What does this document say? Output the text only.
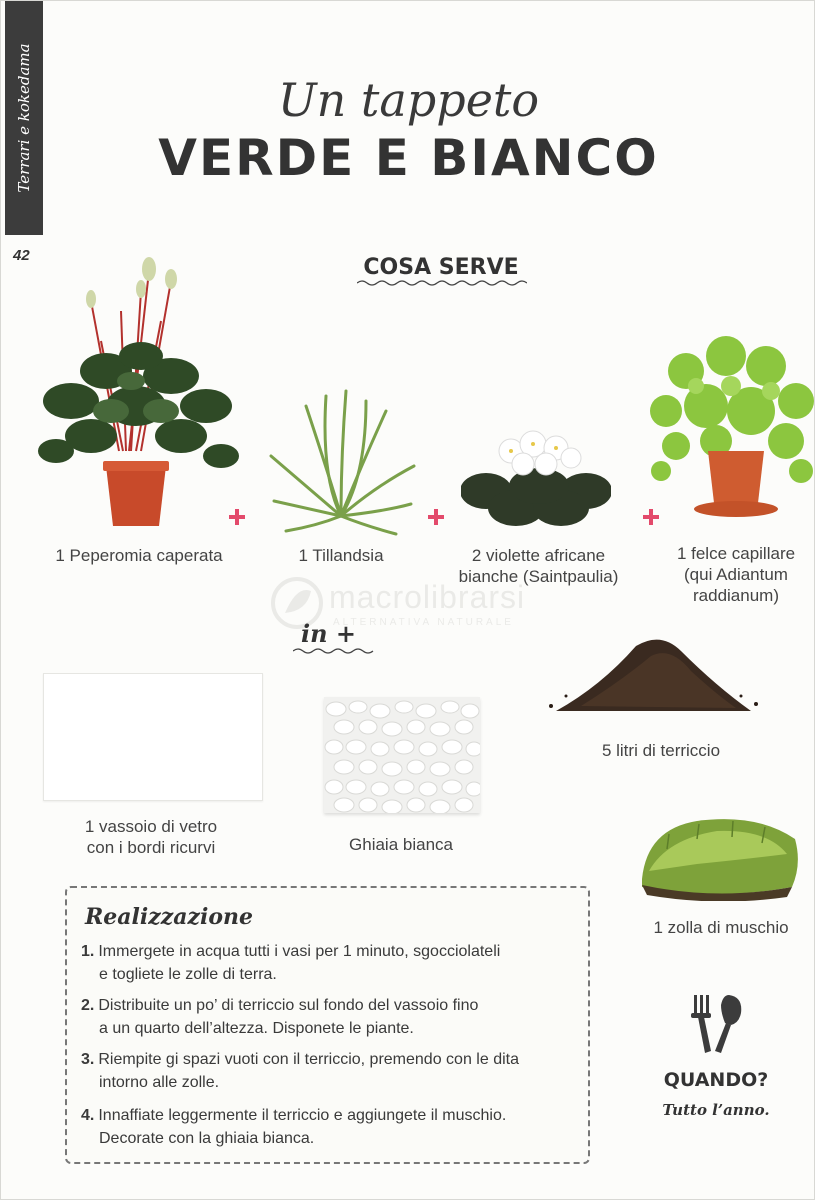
Terrari e kokedama
42
Un tappeto
VERDE E BIANCO
COSA SERVE
1 Peperomia caperata	1 Tillandsia	2 violette africane
bianche (Saintpaulia)
1 felce capillare
(qui Adiantum
raddianum)
macrolibrarsi
ALTERNATIVA NATURALE
in +
5 litri di terriccio
1 vassoio di vetro
con i bordi ricurvi	Ghiaia bianca
1 zolla di muschio
Realizzazione
1. Immergete in acqua tutti i vasi per 1 minuto, sgocciolateli
e togliete le zolle di terra.
2. Distribuite un po’ di terriccio sul fondo del vassoio fino
a un quarto dell’altezza. Disponete le piante.
3. Riempite gi spazi vuoti con il terriccio, premendo con le dita
intorno alle zolle.
4. Innaffiate leggermente il terriccio e aggiungete il muschio.
Decorate con la ghiaia bianca.
QUANDO?
Tutto l’anno.
